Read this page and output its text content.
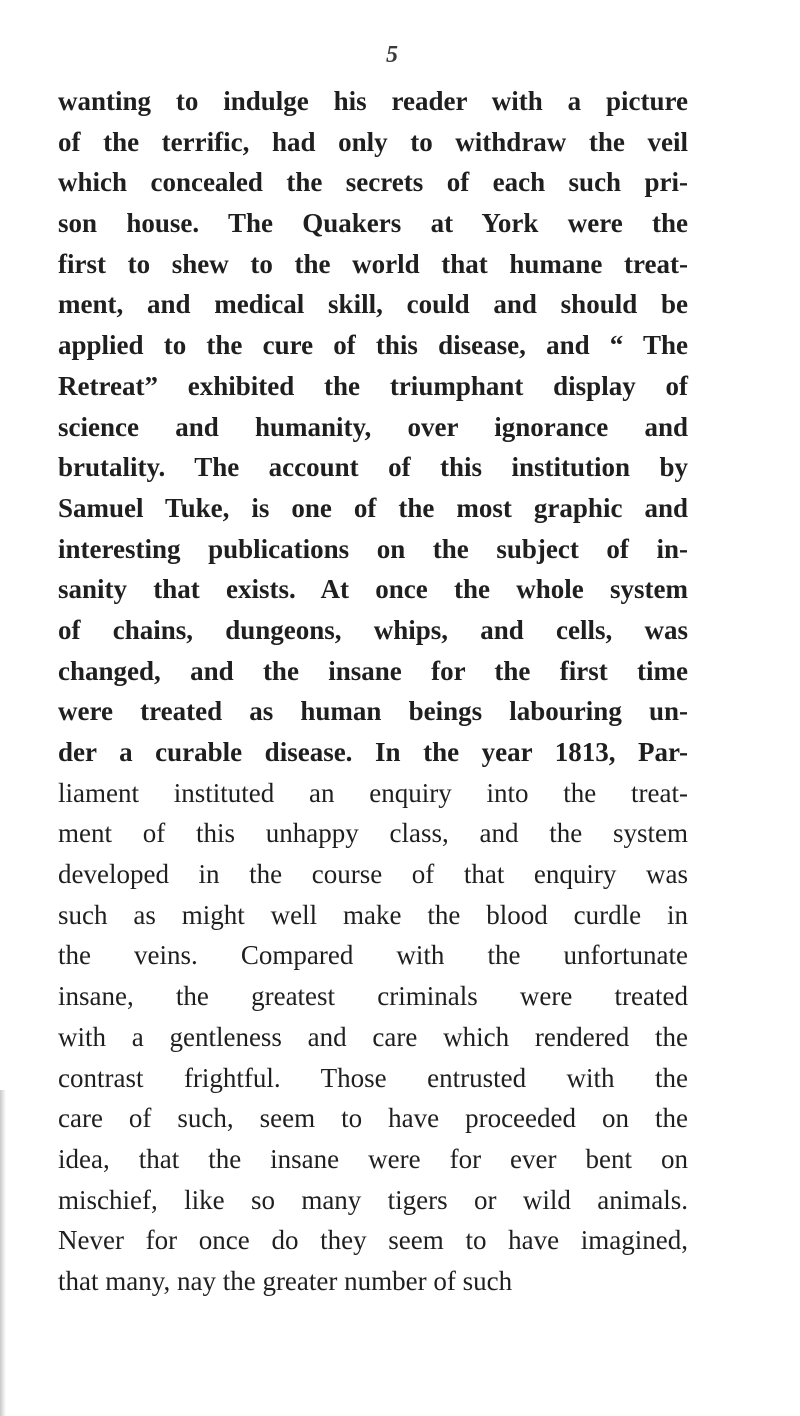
5
wanting to indulge his reader with a picture
of the terrific, had only to withdraw the veil
which concealed the secrets of each such pri-
son house. The Quakers at York were the
first to shew to the world that humane treat-
ment, and medical skill, could and should be
applied to the cure of this disease, and “ The
Retreat” exhibited the triumphant display of
science and humanity, over ignorance and
brutality. The account of this institution by
Samuel Tuke, is one of the most graphic and
interesting publications on the subject of in-
sanity that exists. At once the whole system
of chains, dungeons, whips, and cells, was
changed, and the insane for the first time
were treated as human beings labouring un-
der a curable disease. In the year 1813, Par-
liament instituted an enquiry into the treat-
ment of this unhappy class, and the system
developed in the course of that enquiry was
such as might well make the blood curdle in
the veins. Compared with the unfortunate
insane, the greatest criminals were treated
with a gentleness and care which rendered the
contrast frightful. Those entrusted with the
care of such, seem to have proceeded on the
idea, that the insane were for ever bent on
mischief, like so many tigers or wild animals.
Never for once do they seem to have imagined,
that many, nay the greater number of such
